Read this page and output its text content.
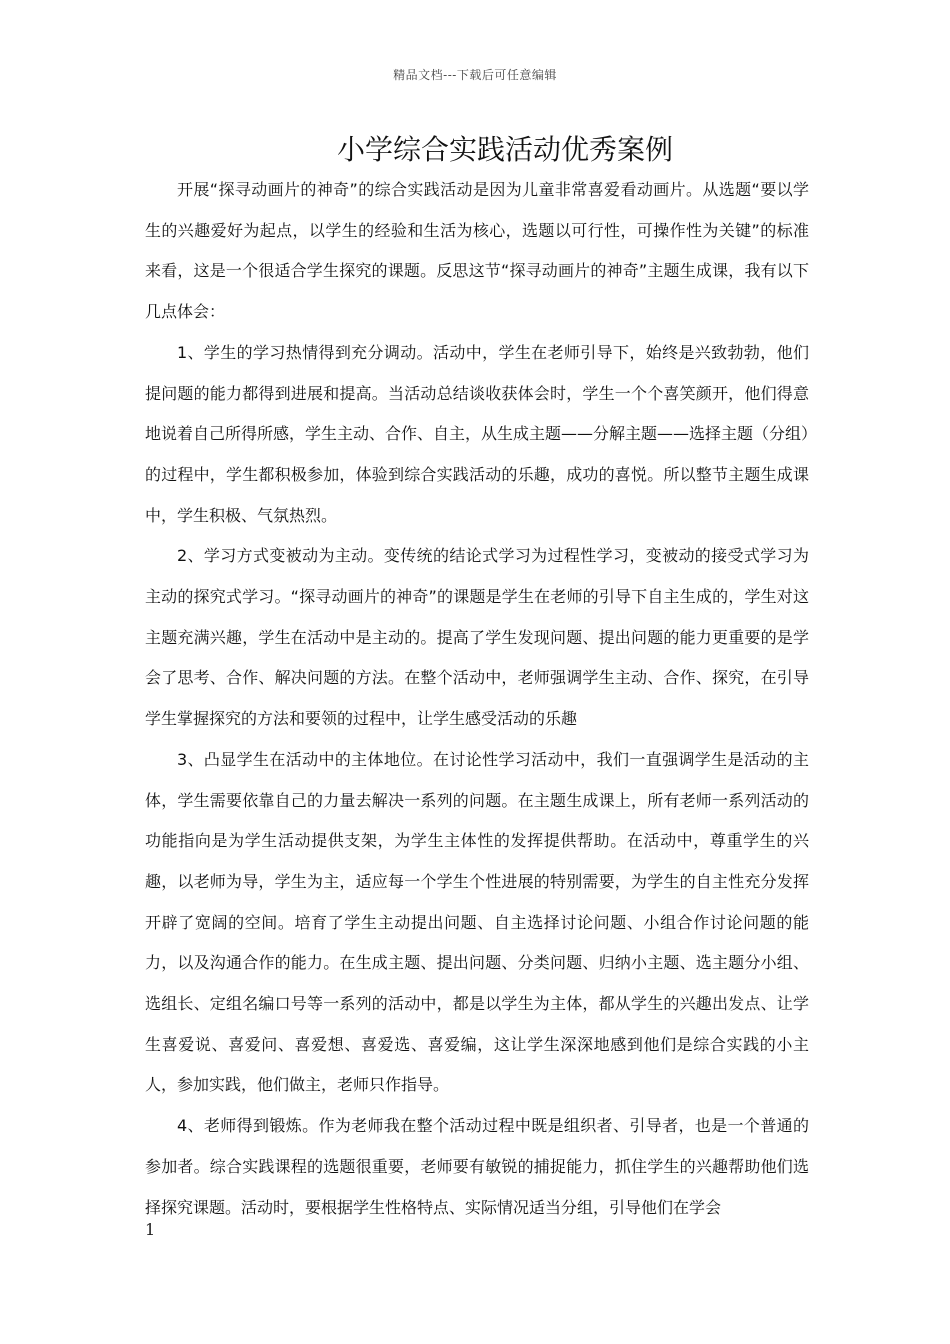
精品文档---下载后可任意编辑
小学综合实践活动优秀案例

开展“探寻动画片的神奇”的综合实践活动是因为儿童非常喜爱看动画片。从选题“要以学生的兴趣爱好为起点，以学生的经验和生活为核心，选题以可行性，可操作性为关键”的标准来看，这是一个很适合学生探究的课题。反思这节“探寻动画片的神奇”主题生成课，我有以下几点体会：

1、学生的学习热情得到充分调动。活动中，学生在老师引导下，始终是兴致勃勃，他们提问题的能力都得到进展和提高。当活动总结谈收获体会时，学生一个个喜笑颜开，他们得意地说着自己所得所感，学生主动、合作、自主，从生成主题——分解主题——选择主题（分组）的过程中，学生都积极参加，体验到综合实践活动的乐趣，成功的喜悦。所以整节主题生成课中，学生积极、气氛热烈。

2、学习方式变被动为主动。变传统的结论式学习为过程性学习，变被动的接受式学习为主动的探究式学习。“探寻动画片的神奇”的课题是学生在老师的引导下自主生成的，学生对这主题充满兴趣，学生在活动中是主动的。提高了学生发现问题、提出问题的能力更重要的是学会了思考、合作、解决问题的方法。在整个活动中，老师强调学生主动、合作、探究，在引导学生掌握探究的方法和要领的过程中，让学生感受活动的乐趣

3、凸显学生在活动中的主体地位。在讨论性学习活动中，我们一直强调学生是活动的主体，学生需要依靠自己的力量去解决一系列的问题。在主题生成课上，所有老师一系列活动的功能指向是为学生活动提供支架，为学生主体性的发挥提供帮助。在活动中，尊重学生的兴趣，以老师为导，学生为主，适应每一个学生个性进展的特别需要，为学生的自主性充分发挥开辟了宽阔的空间。培育了学生主动提出问题、自主选择讨论问题、小组合作讨论问题的能力，以及沟通合作的能力。在生成主题、提出问题、分类问题、归纳小主题、选主题分小组、选组长、定组名编口号等一系列的活动中，都是以学生为主体，都从学生的兴趣出发点、让学生喜爱说、喜爱问、喜爱想、喜爱选、喜爱编，这让学生深深地感到他们是综合实践的小主人，参加实践，他们做主，老师只作指导。

4、老师得到锻炼。作为老师我在整个活动过程中既是组织者、引导者，也是一个普通的参加者。综合实践课程的选题很重要，老师要有敏锐的捕捉能力，抓住学生的兴趣帮助他们选择探究课题。活动时，要根据学生性格特点、实际情况适当分组，引导他们在学会

1
